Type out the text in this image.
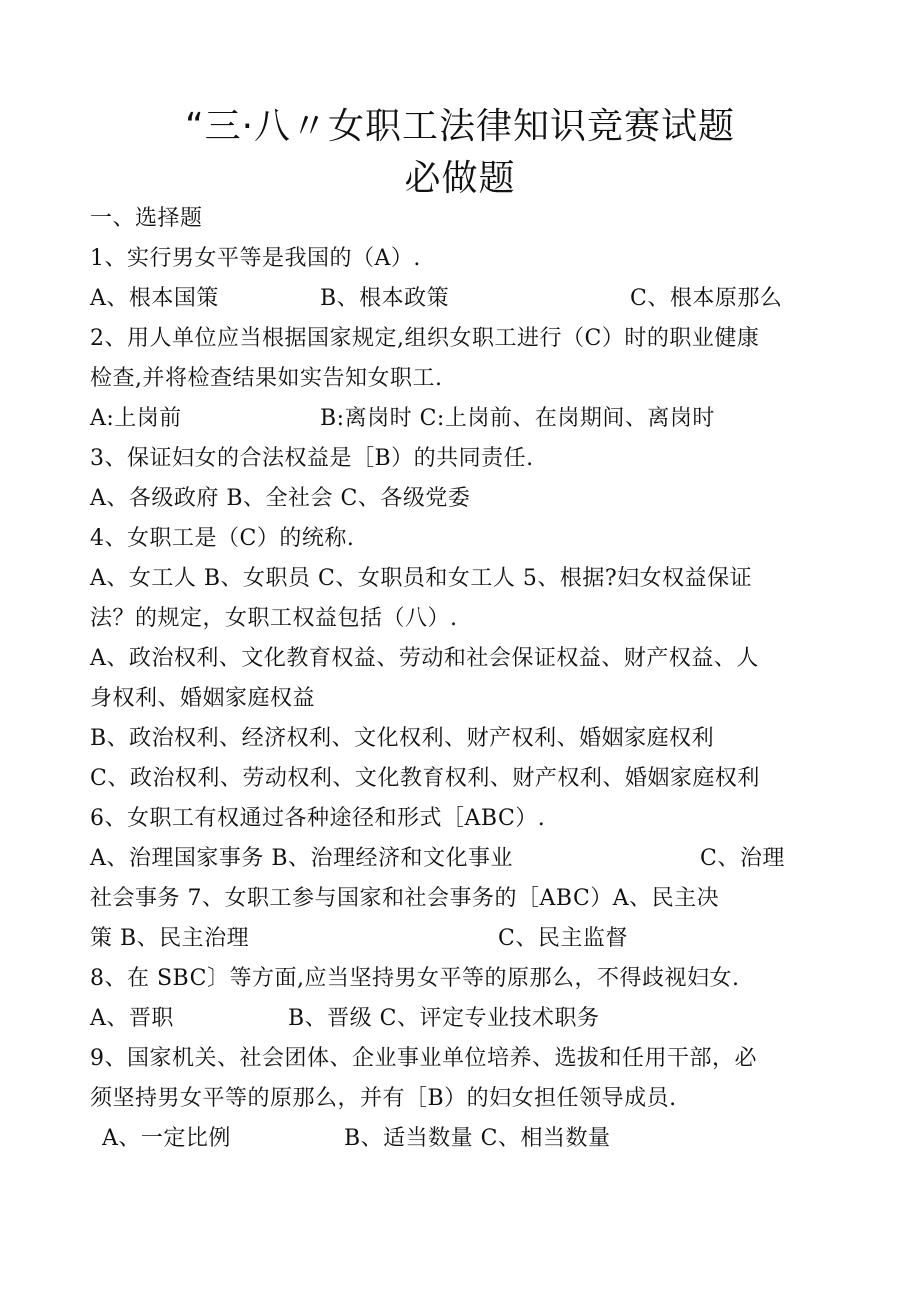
“三·八〃女职工法律知识竞赛试题
必做题
一、选择题
1、实行男女平等是我国的（A）.
A、根本国策	B、根本政策	C、根本原那么
2、用人单位应当根据国家规定,组织女职工进行（C）时的职业健康
检查,并将检查结果如实告知女职工.
A:上岗前	B:离岗时 C:上岗前、在岗期间、离岗时
3、保证妇女的合法权益是［B）的共同责任.
A、各级政府 B、全社会 C、各级党委
4、女职工是（C）的统称.
A、女工人 B、女职员 C、女职员和女工人 5、根据?妇女权益保证
法？的规定，女职工权益包括（八）.
A、政治权利、文化教育权益、劳动和社会保证权益、财产权益、人
身权利、婚姻家庭权益
B、政治权利、经济权利、文化权利、财产权利、婚姻家庭权利
C、政治权利、劳动权利、文化教育权利、财产权利、婚姻家庭权利
6、女职工有权通过各种途径和形式［ABC）.
A、治理国家事务 B、治理经济和文化事业	C、治理
社会事务 7、女职工参与国家和社会事务的［ABC）A、民主决
策 B、民主治理	C、民主监督
8、在 SBC〕等方面,应当坚持男女平等的原那么，不得歧视妇女.
A、晋职	B、晋级 C、评定专业技术职务
9、国家机关、社会团体、企业事业单位培养、选拔和任用干部，必
须坚持男女平等的原那么，并有［B）的妇女担任领导成员.
A、一定比例	B、适当数量 C、相当数量
